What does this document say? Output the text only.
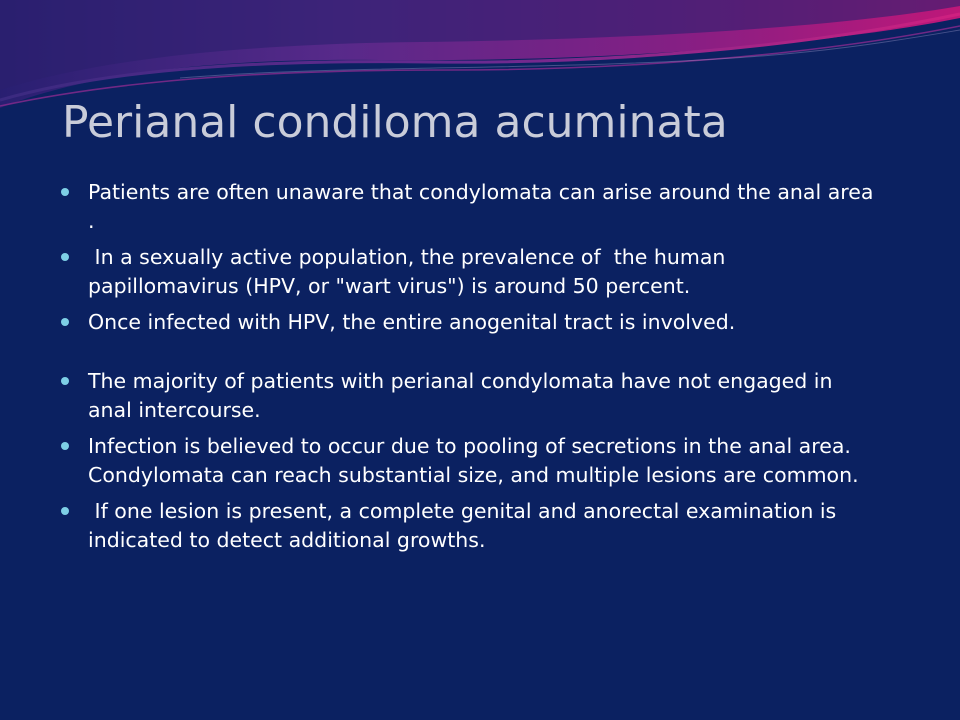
Perianal condiloma acuminata
Patients are often unaware that condylomata can arise around the anal area .
In a sexually active population, the prevalence of  the human papillomavirus (HPV, or "wart virus") is around 50 percent.
Once infected with HPV, the entire anogenital tract is involved.
The majority of patients with perianal condylomata have not engaged in anal intercourse.
Infection is believed to occur due to pooling of secretions in the anal area. Condylomata can reach substantial size, and multiple lesions are common.
If one lesion is present, a complete genital and anorectal examination is indicated to detect additional growths.
